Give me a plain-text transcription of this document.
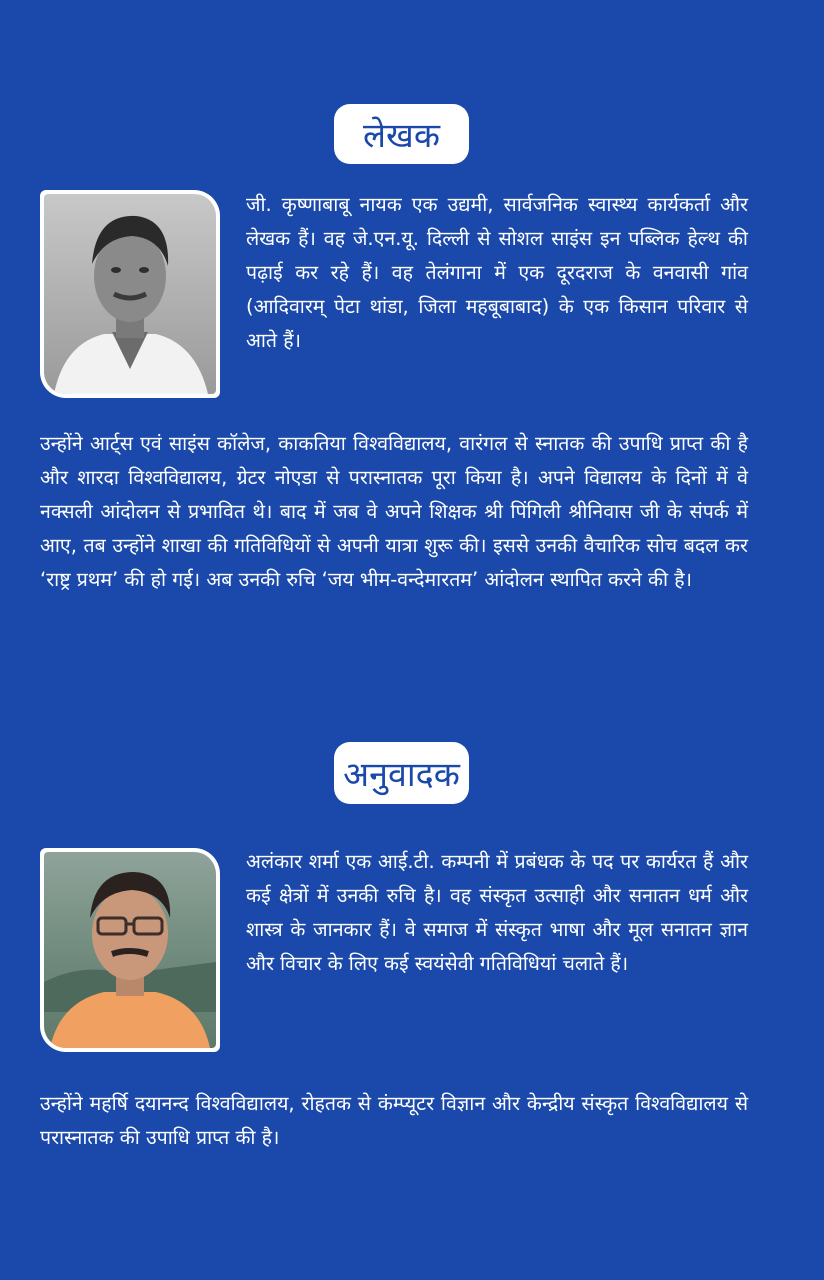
लेखक

जी. कृष्णाबाबू नायक एक उद्यमी, सार्वजनिक स्वास्थ्य कार्यकर्ता और लेखक हैं। वह जे.एन.यू. दिल्ली से सोशल साइंस इन पब्लिक हेल्थ की पढ़ाई कर रहे हैं। वह तेलंगाना में एक दूरदराज के वनवासी गांव (आदिवारम् पेटा थांडा, जिला महबूबाबाद) के एक किसान परिवार से आते हैं।

उन्होंने आर्ट्स एवं साइंस कॉलेज, काकतिया विश्वविद्यालय, वारंगल से स्नातक की उपाधि प्राप्त की है और शारदा विश्वविद्यालय, ग्रेटर नोएडा से परास्नातक पूरा किया है। अपने विद्यालय के दिनों में वे नक्सली आंदोलन से प्रभावित थे। बाद में जब वे अपने शिक्षक श्री पिंगिली श्रीनिवास जी के संपर्क में आए, तब उन्होंने शाखा की गतिविधियों से अपनी यात्रा शुरू की। इससे उनकी वैचारिक सोच बदल कर ‘राष्ट्र प्रथम’ की हो गई। अब उनकी रुचि ‘जय भीम-वन्देमारतम’ आंदोलन स्थापित करने की है।

अनुवादक

अलंकार शर्मा एक आई.टी. कम्पनी में प्रबंधक के पद पर कार्यरत हैं और कई क्षेत्रों में उनकी रुचि है। वह संस्कृत उत्साही और सनातन धर्म और शास्त्र के जानकार हैं। वे समाज में संस्कृत भाषा और मूल सनातन ज्ञान और विचार के लिए कई स्वयंसेवी गतिविधियां चलाते हैं।

उन्होंने महर्षि दयानन्द विश्वविद्यालय, रोहतक से कंम्प्यूटर विज्ञान और केन्द्रीय संस्कृत विश्वविद्यालय से परास्नातक की उपाधि प्राप्त की है।
